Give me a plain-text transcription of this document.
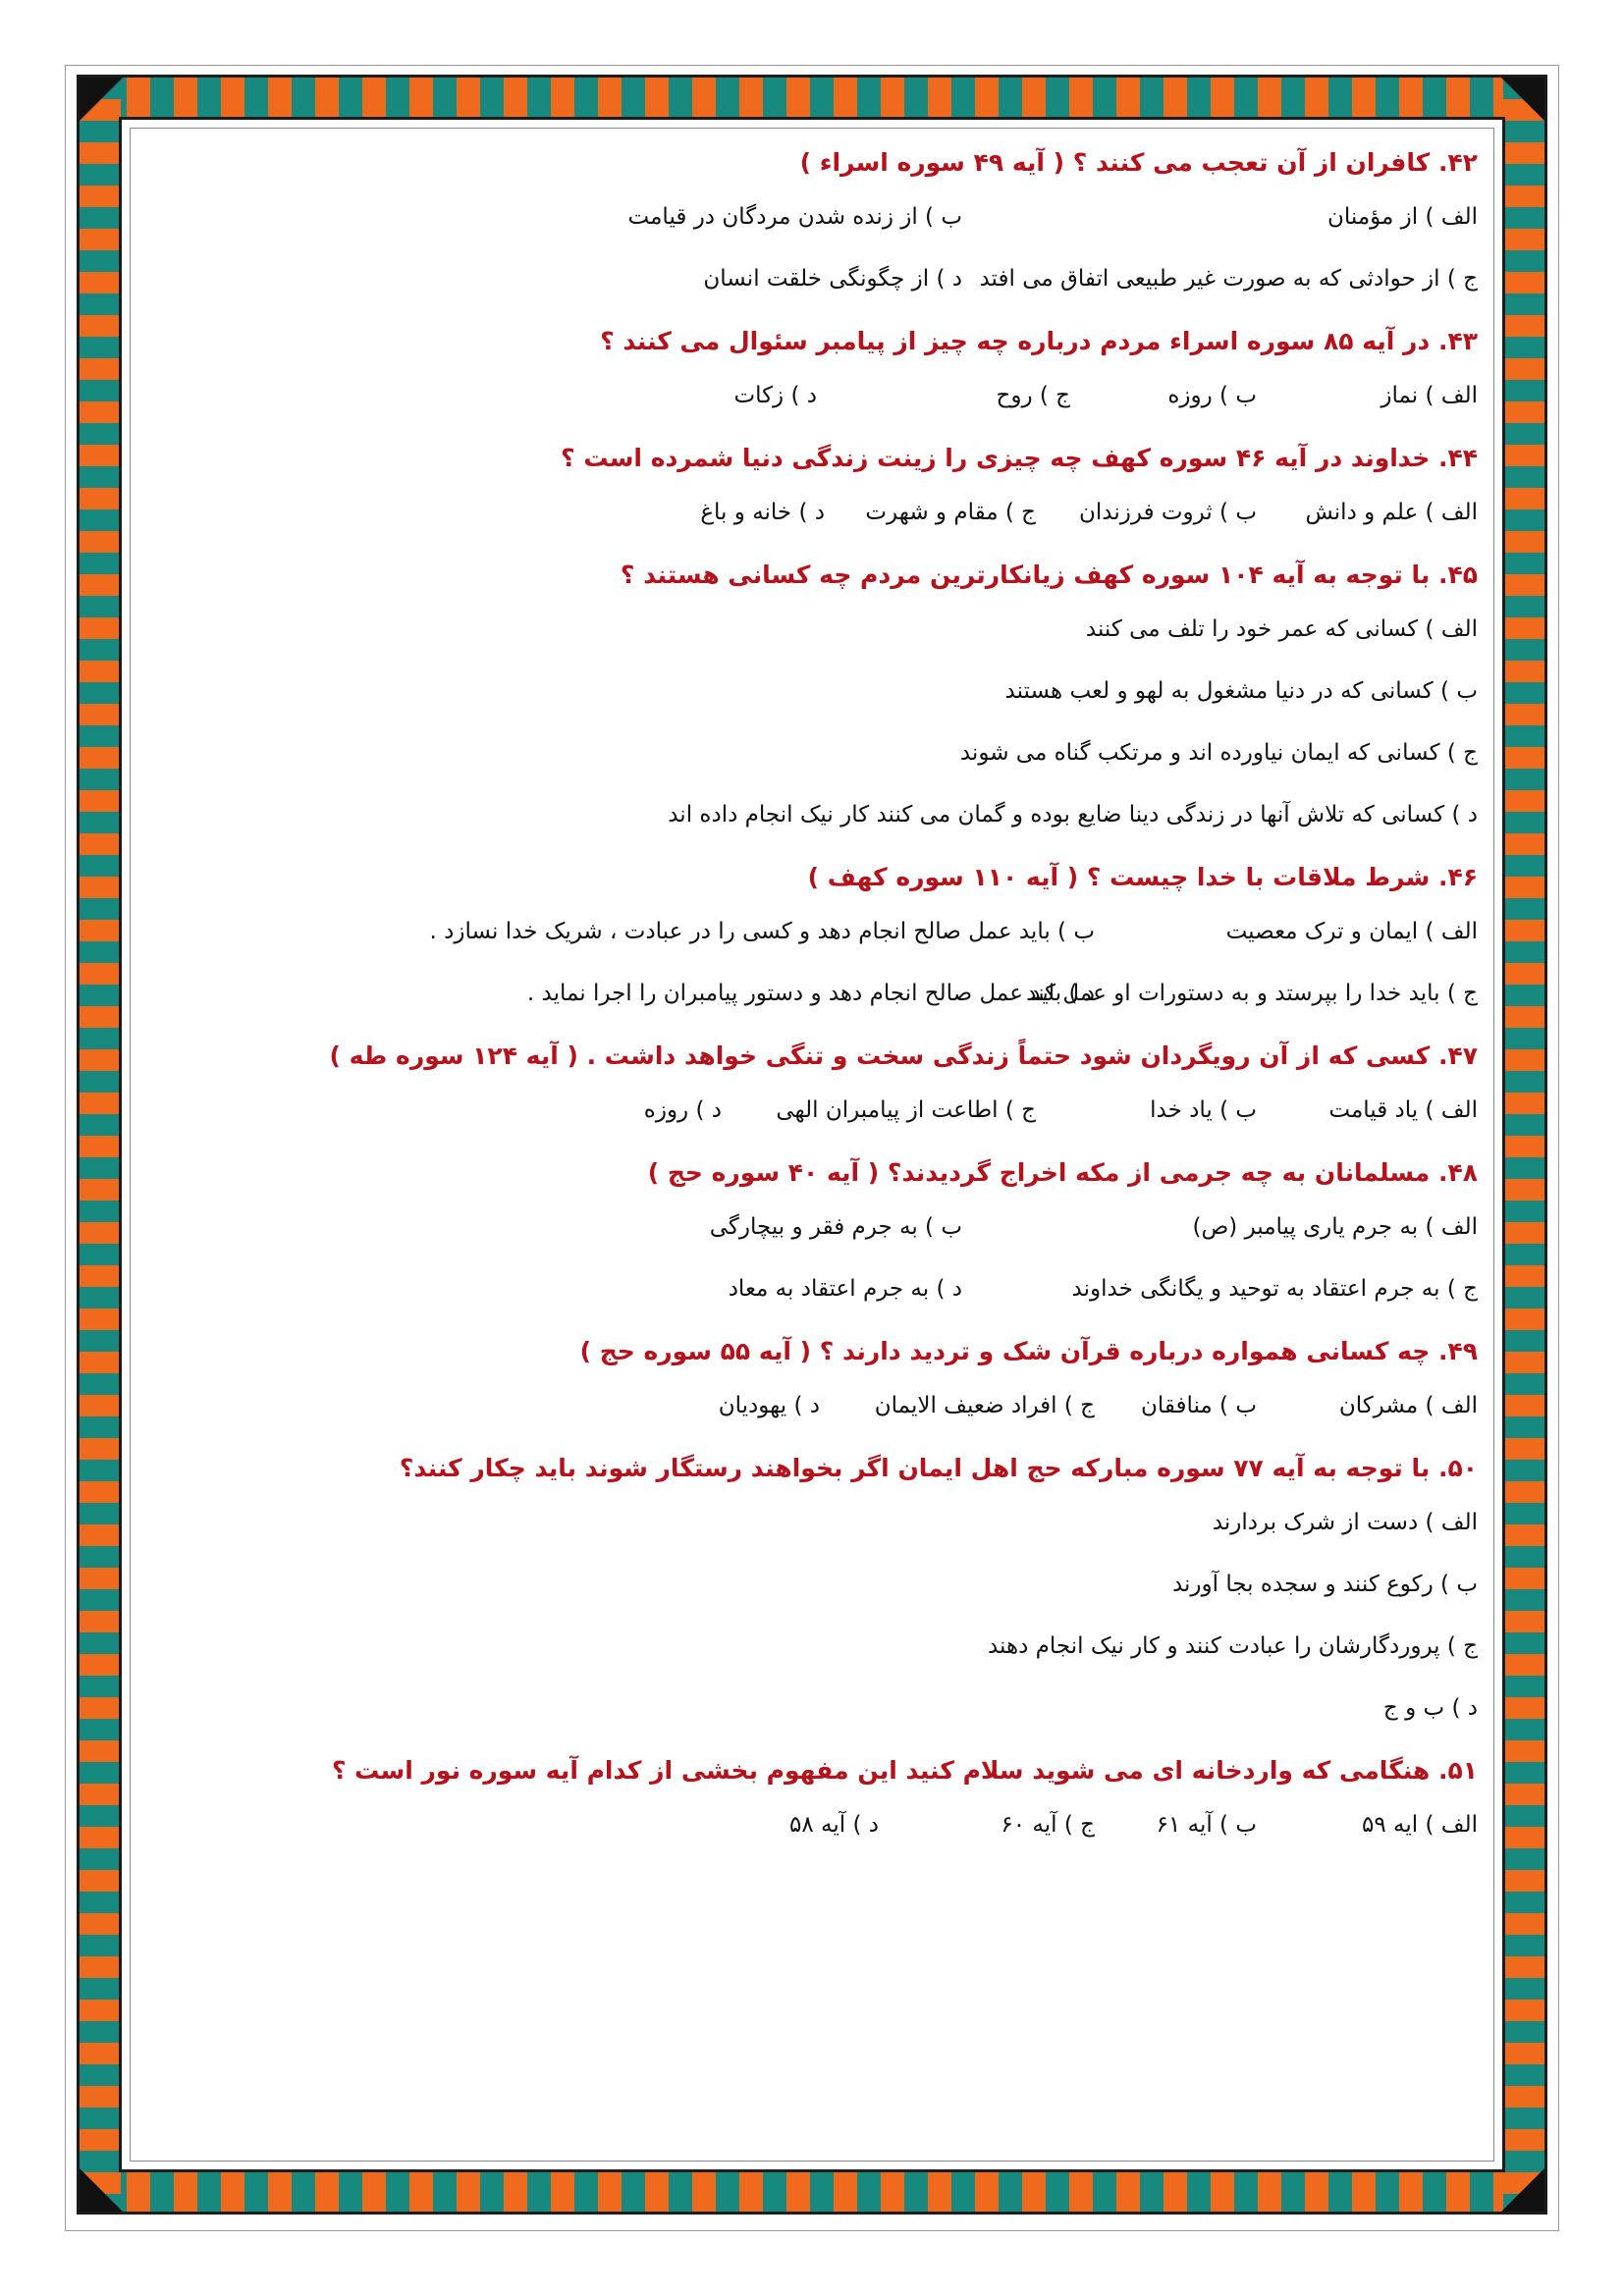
۴۲. کافران از آن تعجب می کنند ؟ ( آیه ۴۹ سوره اسراء )
الف ) از مؤمنان
ب ) از زنده شدن مردگان در قیامت
ج ) از حوادثی که به صورت غیر طبیعی اتفاق می افتد
د ) از چگونگی خلقت انسان
۴۳. در آیه ۸۵ سوره اسراء مردم درباره چه چیز از پیامبر سئوال می کنند ؟
الف ) نماز
ب ) روزه
ج ) روح
د ) زکات
۴۴. خداوند در آیه ۴۶ سوره کهف چه چیزی را زینت زندگی دنیا شمرده است ؟
الف ) علم و دانش
ب ) ثروت فرزندان
ج ) مقام و شهرت
د ) خانه و باغ
۴۵. با توجه به آیه ۱۰۴ سوره کهف زیانکارترین مردم چه کسانی هستند ؟
الف ) کسانی که عمر خود را تلف می کنند
ب ) کسانی که در دنیا مشغول به لهو و لعب هستند
ج ) کسانی که ایمان نیاورده اند و مرتکب گناه می شوند
د ) کسانی که تلاش آنها در زندگی دینا ضایع بوده و گمان می کنند کار نیک انجام داده اند
۴۶. شرط ملاقات با خدا چیست ؟ ( آیه ۱۱۰ سوره کهف )
الف ) ایمان و ترک معصیت
ب ) باید عمل صالح انجام دهد و کسی را در عبادت ، شریک خدا نسازد .
ج ) باید خدا را بپرستد و به دستورات او عمل کند
د ) باید عمل صالح انجام دهد و دستور پیامبران را اجرا نماید .
۴۷. کسی که از آن رویگردان شود حتماً زندگی سخت و تنگی خواهد داشت . ( آیه ۱۲۴ سوره طه )
الف ) یاد قیامت
ب ) یاد خدا
ج ) اطاعت از پیامبران الهی
د ) روزه
۴۸. مسلمانان به چه جرمی از مکه اخراج گردیدند؟ ( آیه ۴۰ سوره حج )
الف ) به جرم یاری پیامبر (ص)
ب ) به جرم فقر و بیچارگی
ج ) به جرم اعتقاد به توحید و یگانگی خداوند
د ) به جرم اعتقاد به معاد
۴۹. چه کسانی همواره درباره قرآن شک و تردید دارند ؟ ( آیه ۵۵ سوره حج )
الف ) مشرکان
ب ) منافقان
ج ) افراد ضعیف الایمان
د ) یهودیان
۵۰. با توجه به آیه ۷۷ سوره مبارکه حج اهل ایمان اگر بخواهند رستگار شوند باید چکار کنند؟
الف ) دست از شرک بردارند
ب ) رکوع کنند و سجده بجا آورند
ج ) پروردگارشان را عبادت کنند و کار نیک انجام دهند
د ) ب و ج
۵۱. هنگامی که واردخانه ای می شوید سلام کنید این مفهوم بخشی از کدام آیه سوره نور است ؟
الف ) ایه ۵۹
ب ) آیه ۶۱
ج ) آیه ۶۰
د ) آیه ۵۸
